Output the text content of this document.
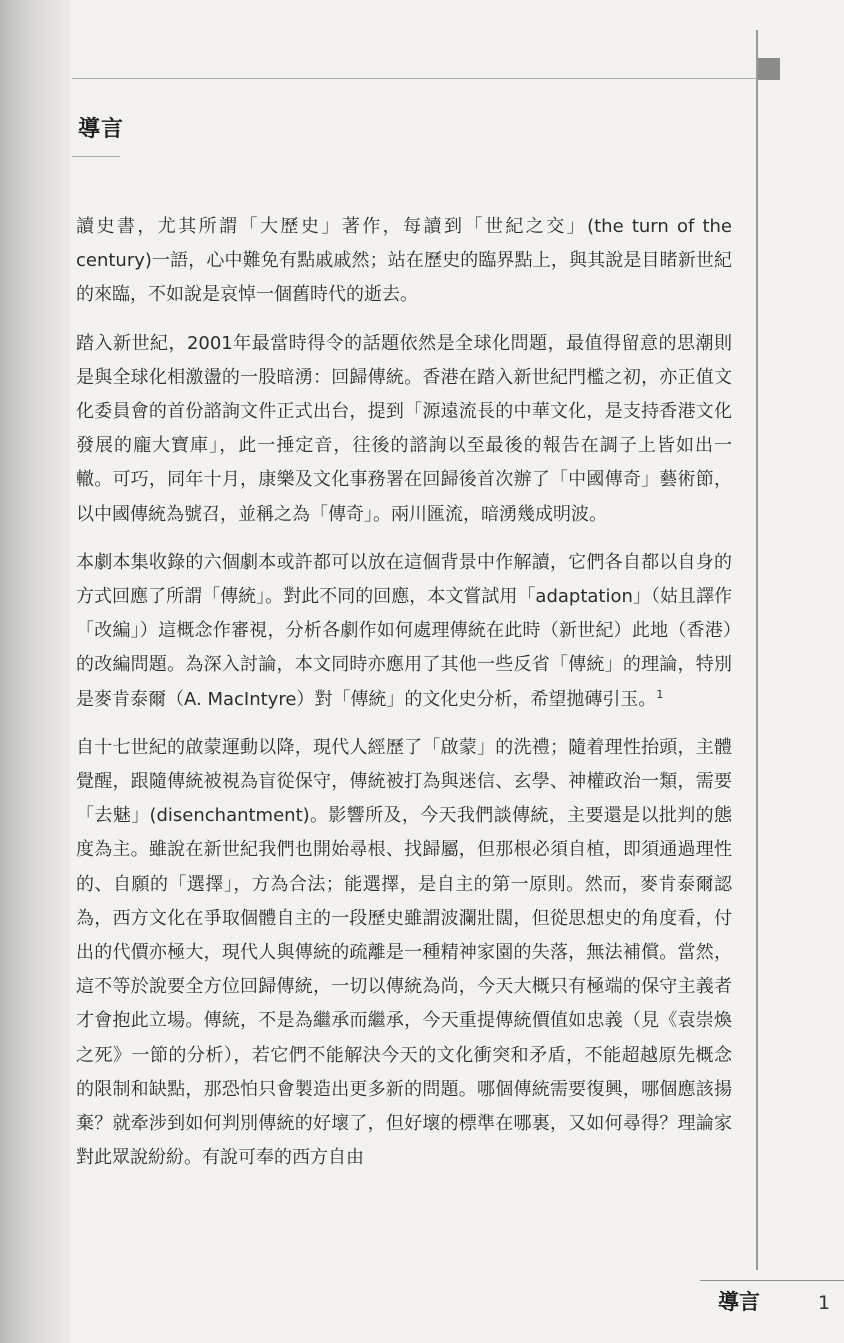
導言

讀史書，尤其所謂「大歷史」著作，每讀到「世紀之交」(the turn of the century)一語，心中難免有點戚戚然；站在歷史的臨界點上，與其說是目睹新世紀的來臨，不如說是哀悼一個舊時代的逝去。

踏入新世紀，2001年最當時得令的話題依然是全球化問題，最值得留意的思潮則是與全球化相激盪的一股暗湧：回歸傳統。香港在踏入新世紀門檻之初，亦正值文化委員會的首份諮詢文件正式出台，提到「源遠流長的中華文化，是支持香港文化發展的龐大寶庫」，此一捶定音，往後的諮詢以至最後的報告在調子上皆如出一轍。可巧，同年十月，康樂及文化事務署在回歸後首次辦了「中國傳奇」藝術節，以中國傳統為號召，並稱之為「傳奇」。兩川匯流，暗湧幾成明波。

本劇本集收錄的六個劇本或許都可以放在這個背景中作解讀，它們各自都以自身的方式回應了所謂「傳統」。對此不同的回應，本文嘗試用「adaptation」（姑且譯作「改編」）這概念作審視，分析各劇作如何處理傳統在此時（新世紀）此地（香港）的改編問題。為深入討論，本文同時亦應用了其他一些反省「傳統」的理論，特別是麥肯泰爾（A. MacIntyre）對「傳統」的文化史分析，希望拋磚引玉。$^1$

自十七世紀的啟蒙運動以降，現代人經歷了「啟蒙」的洗禮；隨着理性抬頭，主體覺醒，跟隨傳統被視為盲從保守，傳統被打為與迷信、玄學、神權政治一類，需要「去魅」(disenchantment)。影響所及，今天我們談傳統，主要還是以批判的態度為主。雖說在新世紀我們也開始尋根、找歸屬，但那根必須自植，即須通過理性的、自願的「選擇」，方為合法；能選擇，是自主的第一原則。然而，麥肯泰爾認為，西方文化在爭取個體自主的一段歷史雖謂波瀾壯闊，但從思想史的角度看，付出的代價亦極大，現代人與傳統的疏離是一種精神家園的失落，無法補償。當然，這不等於說要全方位回歸傳統，一切以傳統為尚，今天大概只有極端的保守主義者才會抱此立場。傳統，不是為繼承而繼承，今天重提傳統價值如忠義（見《袁崇煥之死》一節的分析），若它們不能解決今天的文化衝突和矛盾，不能超越原先概念的限制和缺點，那恐怕只會製造出更多新的問題。哪個傳統需要復興，哪個應該揚棄？就牽涉到如何判別傳統的好壞了，但好壞的標準在哪裏，又如何尋得？理論家對此眾說紛紛。有說可奉的西方自由

導言	1
